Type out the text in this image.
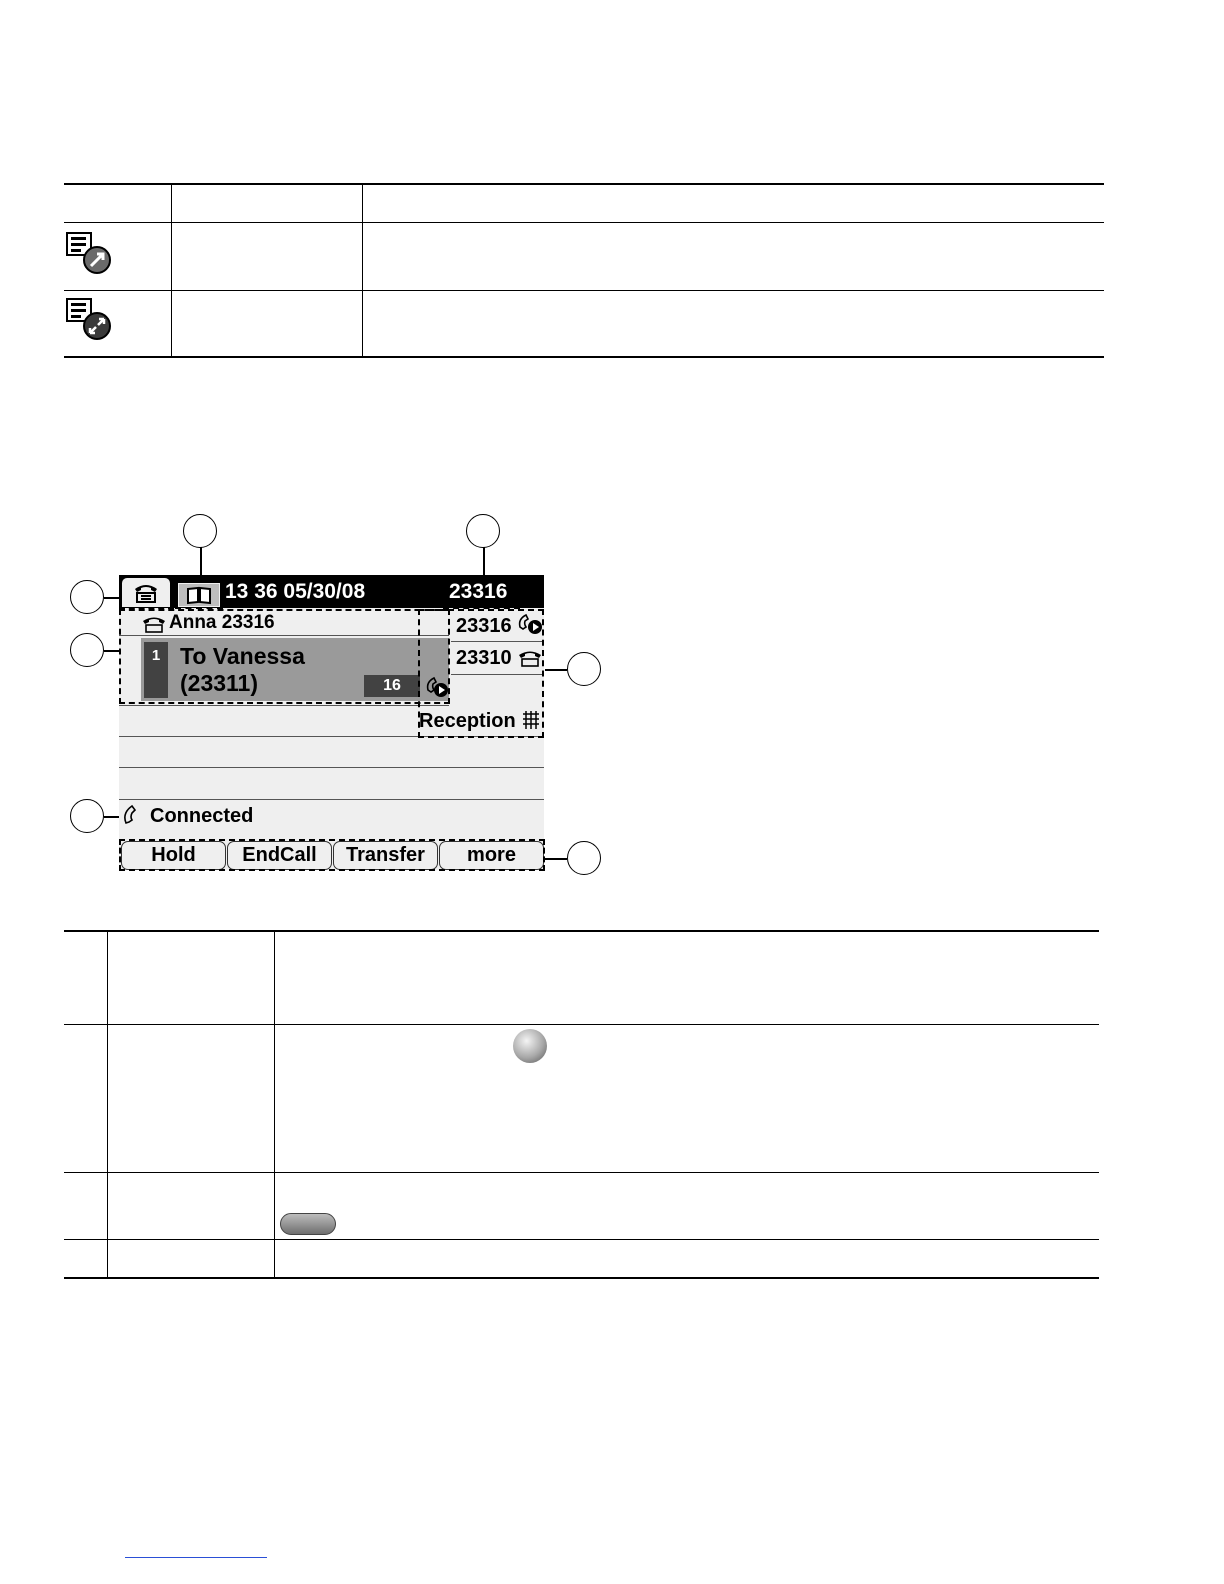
13 36 05/30/08	23316
Anna 23316
1 To Vanessa
(23311)	16
23316
23310
Reception
Connected
Hold	EndCall	Transfer	more
